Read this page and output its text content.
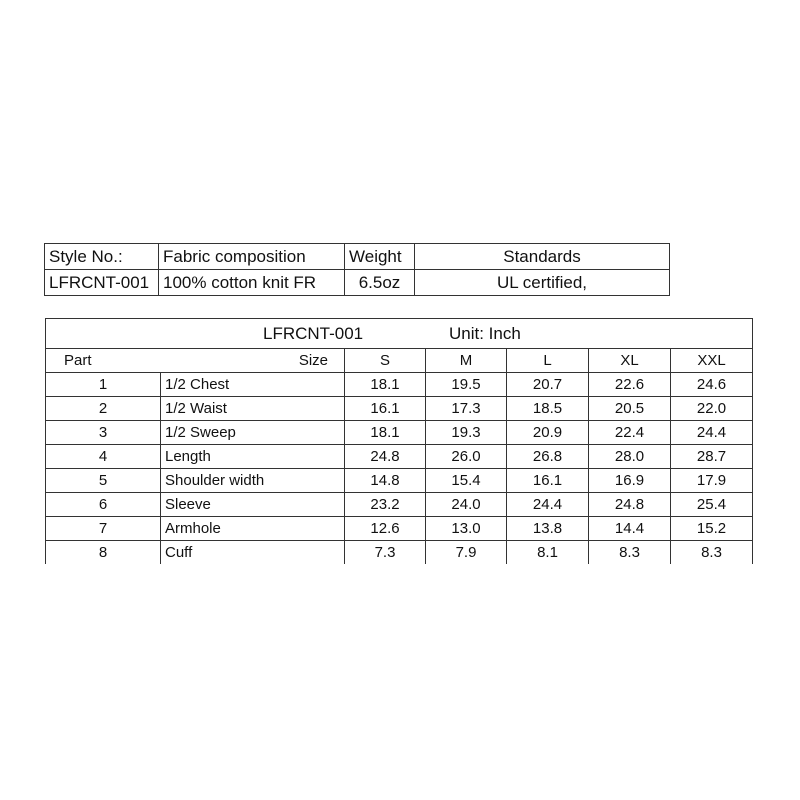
Style No.:	Fabric composition	Weight	Standards
LFRCNT-001	100% cotton knit FR	6.5oz	UL certified,
LFRCNT-001 Unit: Inch						

Part	Size	S	M	L	XL	XXL
1	1/2 Chest	18.1	19.5	20.7	22.6	24.6
2	1/2 Waist	16.1	17.3	18.5	20.5	22.0
3	1/2 Sweep	18.1	19.3	20.9	22.4	24.4
4	Length	24.8	26.0	26.8	28.0	28.7
5	Shoulder width	14.8	15.4	16.1	16.9	17.9
6	Sleeve	23.2	24.0	24.4	24.8	25.4
7	Armhole	12.6	13.0	13.8	14.4	15.2
8	Cuff	7.3	7.9	8.1	8.3	8.3
